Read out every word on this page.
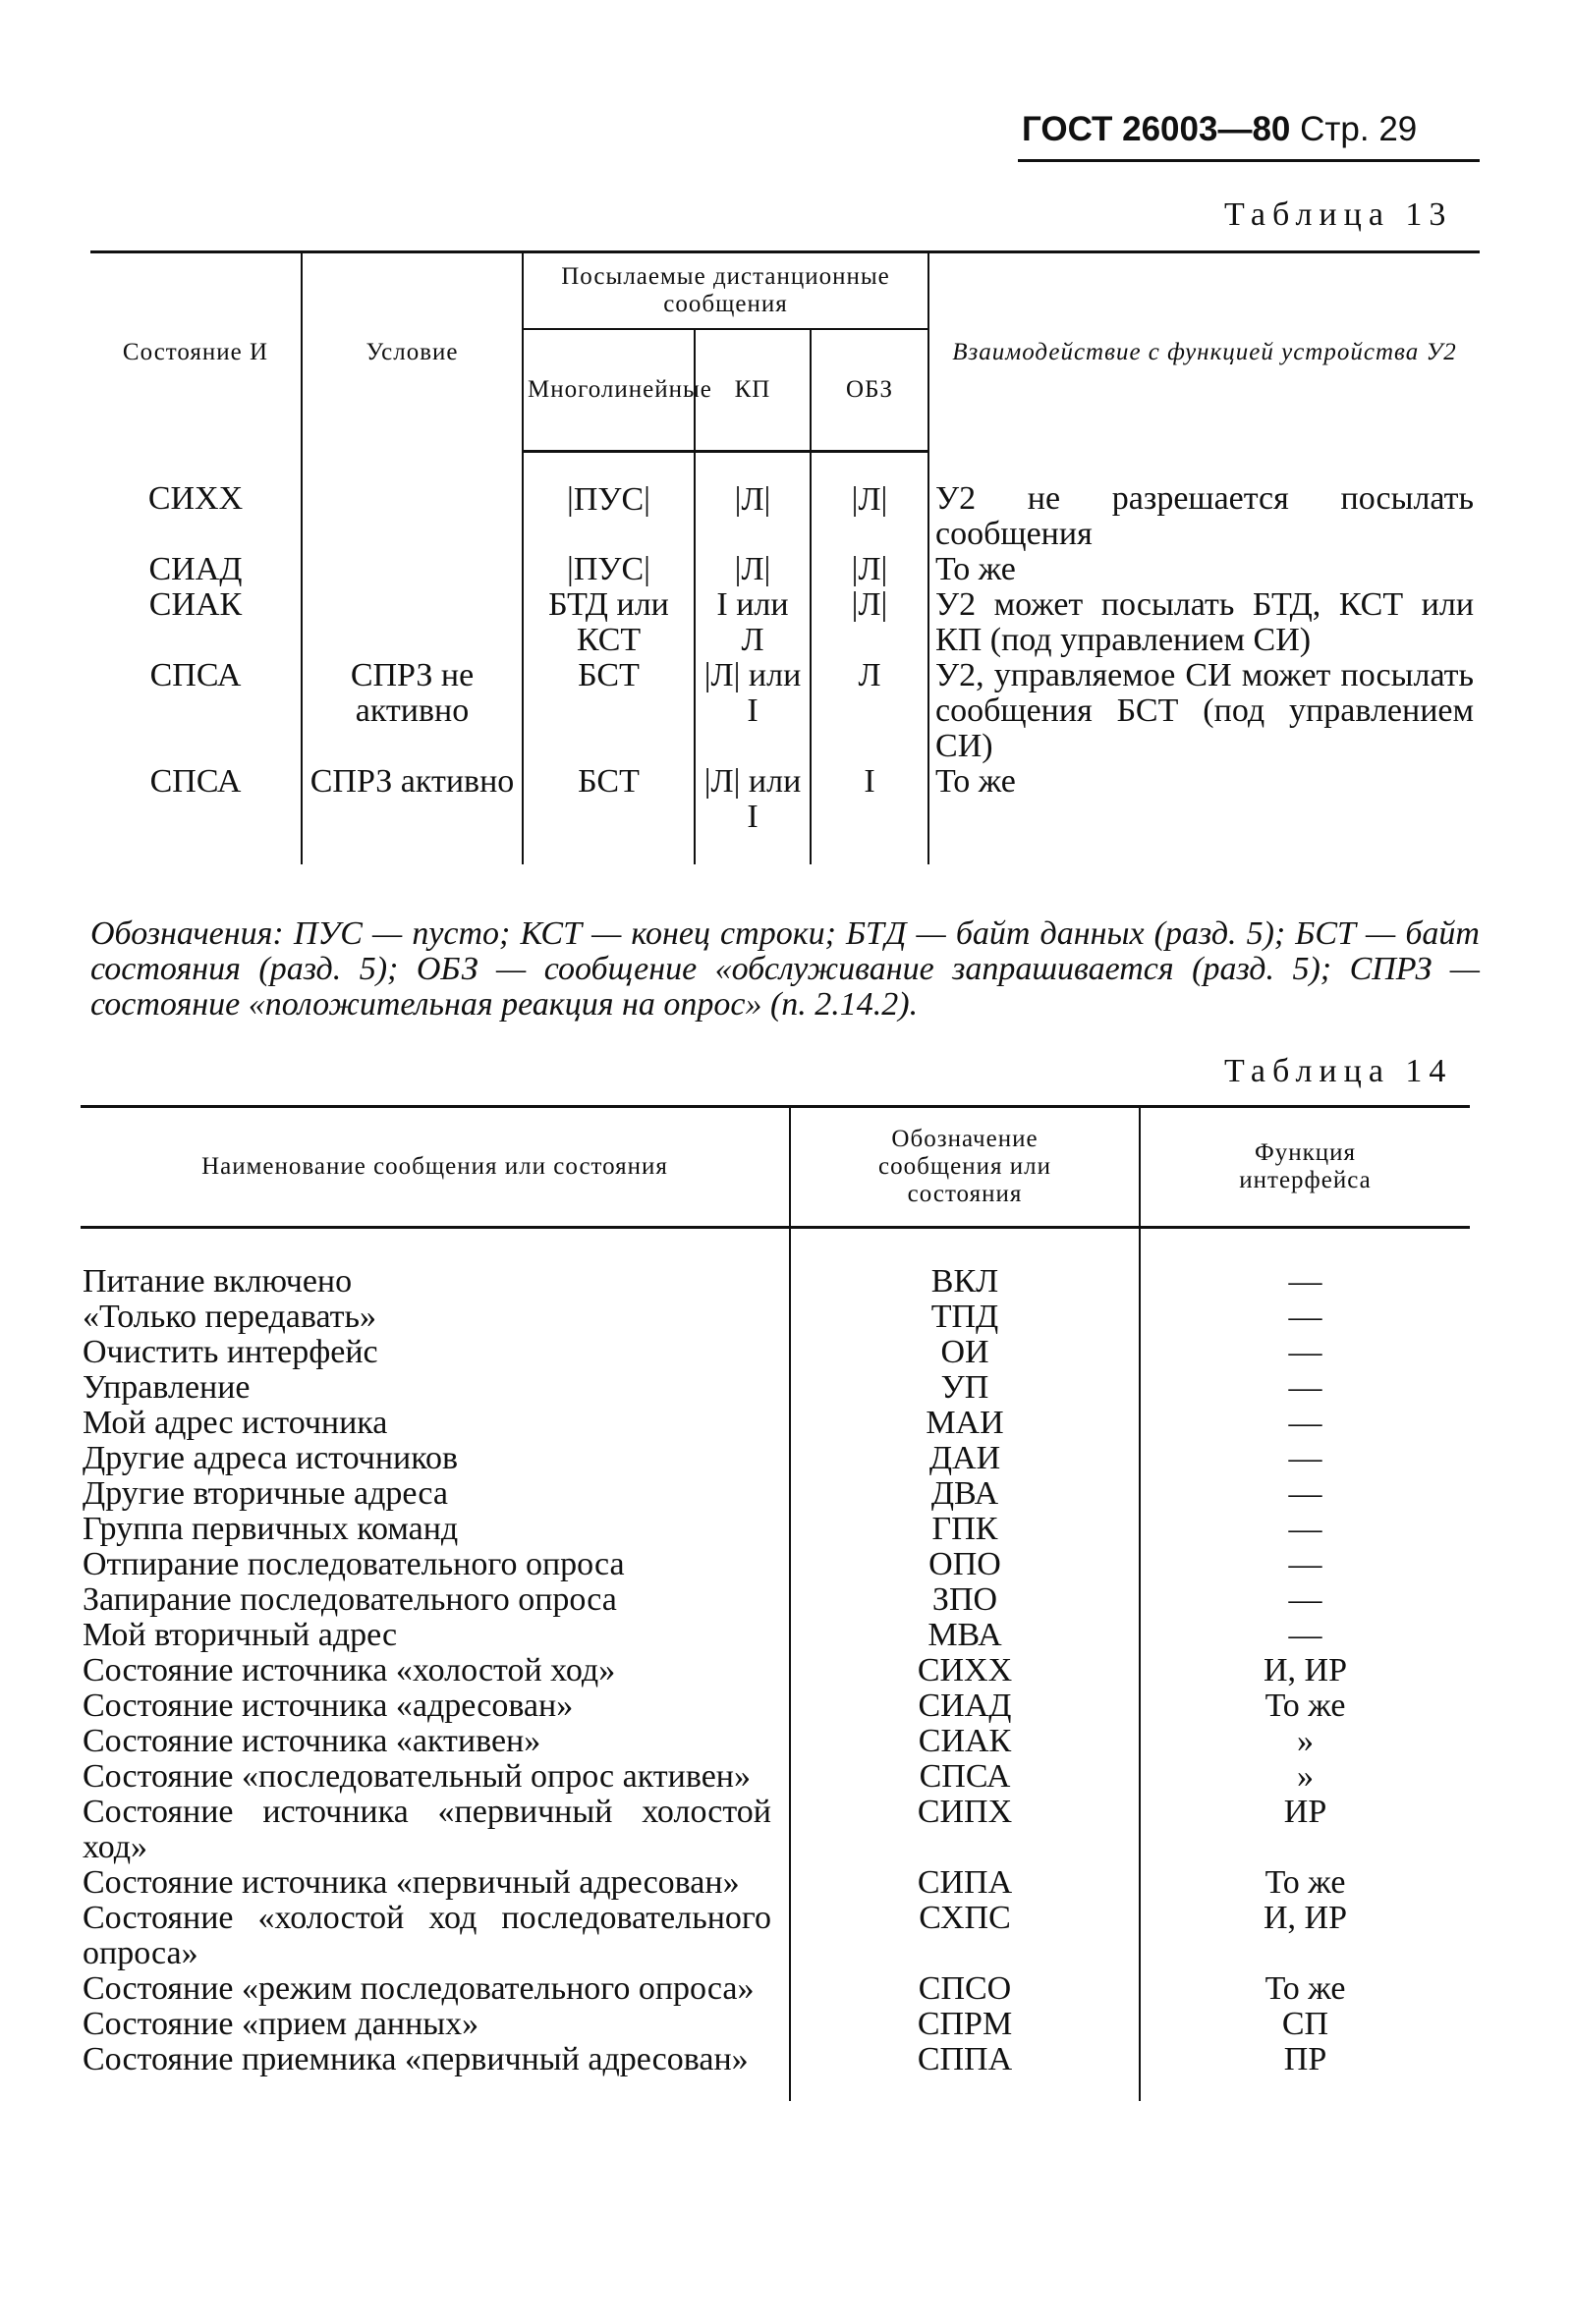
ГОСТ 26003—80 Стр. 29
Таблица 13
Состояние И	Условие	Посылаемые дистанционные сообщения			Взаимодействие с функцией устройства У2
		Многолинейные	КП	ОБЗ	
СИХХ		|ПУС|	|Л|	|Л|	У2 не разрешается посылать сообщения
СИАД		|ПУС|	|Л|	|Л|	То же
СИАК		БТД или КСТ	I или Л	|Л|	У2 может посылать БТД, КСТ или КП (под управлением СИ)
СПСА	СПРЗ не активно	БСТ	|Л| или I	Л	У2, управляемое СИ может посылать сообщения БСТ (под управлением СИ)
СПСА	СПРЗ активно	БСТ	|Л| или I	I	То же
Обозначения: ПУС — пусто; КСТ — конец строки; БТД — байт данных (разд. 5); БСТ — байт состояния (разд. 5); ОБЗ — сообщение «обслуживание запрашивается (разд. 5); СПРЗ — состояние «положительная реакция на опрос» (п. 2.14.2).
Таблица 14
Наименование сообщения или состояния	Обозначение сообщения или состояния	Функция интерфейса
Питание включено	ВКЛ	—
«Только передавать»	ТПД	—
Очистить интерфейс	ОИ	—
Управление	УП	—
Мой адрес источника	МАИ	—
Другие адреса источников	ДАИ	—
Другие вторичные адреса	ДВА	—
Группа первичных команд	ГПК	—
Отпирание последовательного опроса	ОПО	—
Запирание последовательного опроса	ЗПО	—
Мой вторичный адрес	МВА	—
Состояние источника «холостой ход»	СИХХ	И, ИР
Состояние источника «адресован»	СИАД	То же
Состояние источника «активен»	СИАК	»
Состояние «последовательный опрос активен»	СПСА	»
Состояние источника «первичный холостой ход»	СИПХ	ИР
Состояние источника «первичный адресован»	СИПА	То же
Состояние «холостой ход последовательного опроса»	СХПС	И, ИР
Состояние «режим последовательного опроса»	СПСО	То же
Состояние «прием данных»	СПРМ	СП
Состояние приемника «первичный адресован»	СППА	ПР
